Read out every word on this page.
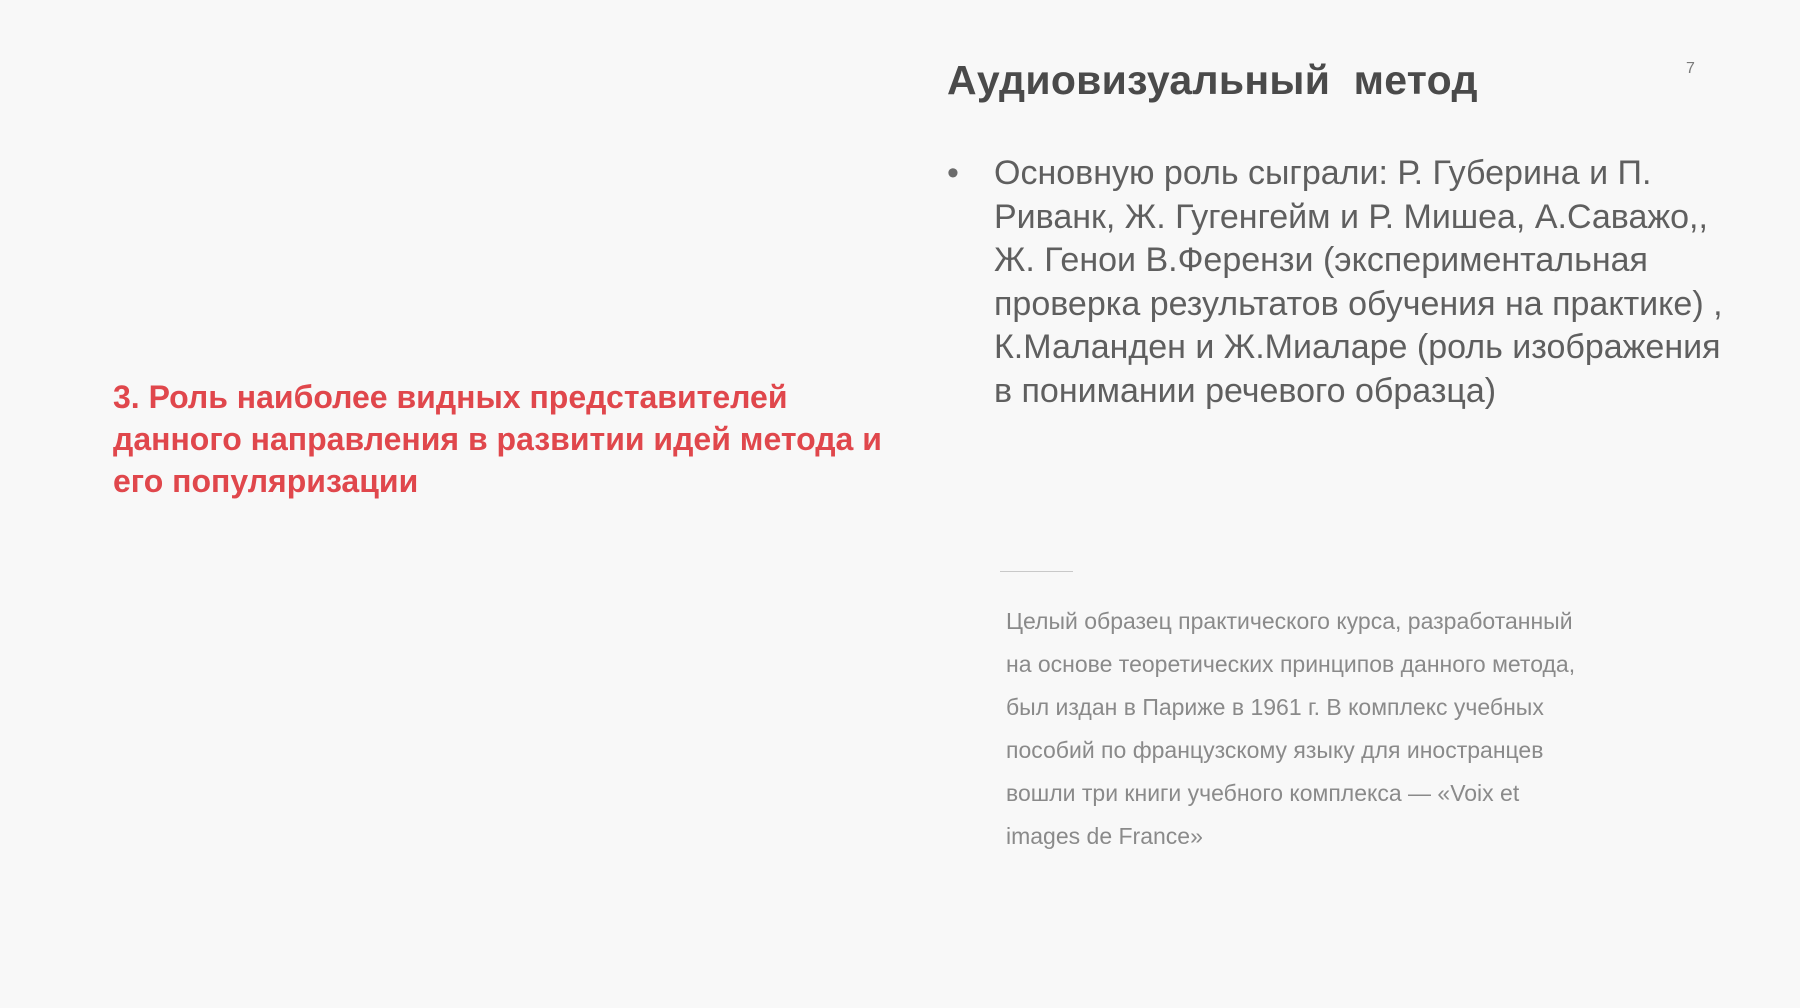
Аудиовизуальный  метод	7
3. Роль наиболее видных представителей данного направления в развитии идей метода и его популяризации
• Основную роль сыграли: Р. Губерина и П. Риванк, Ж. Гугенгейм и Р. Мишеа, А.Саважо,, Ж. Генои В.Ферензи (экспериментальная проверка результатов обучения на практике) , К.Маланден и Ж.Миаларе (роль изображения в понимании речевого образца)

Целый образец практического курса, разработанный на основе теоретических принципов данного метода, был издан в Париже в 1961 г. В комплекс учебных пособий по французскому языку для иностранцев вошли три книги учебного комплекса — «Voix et images de France»
